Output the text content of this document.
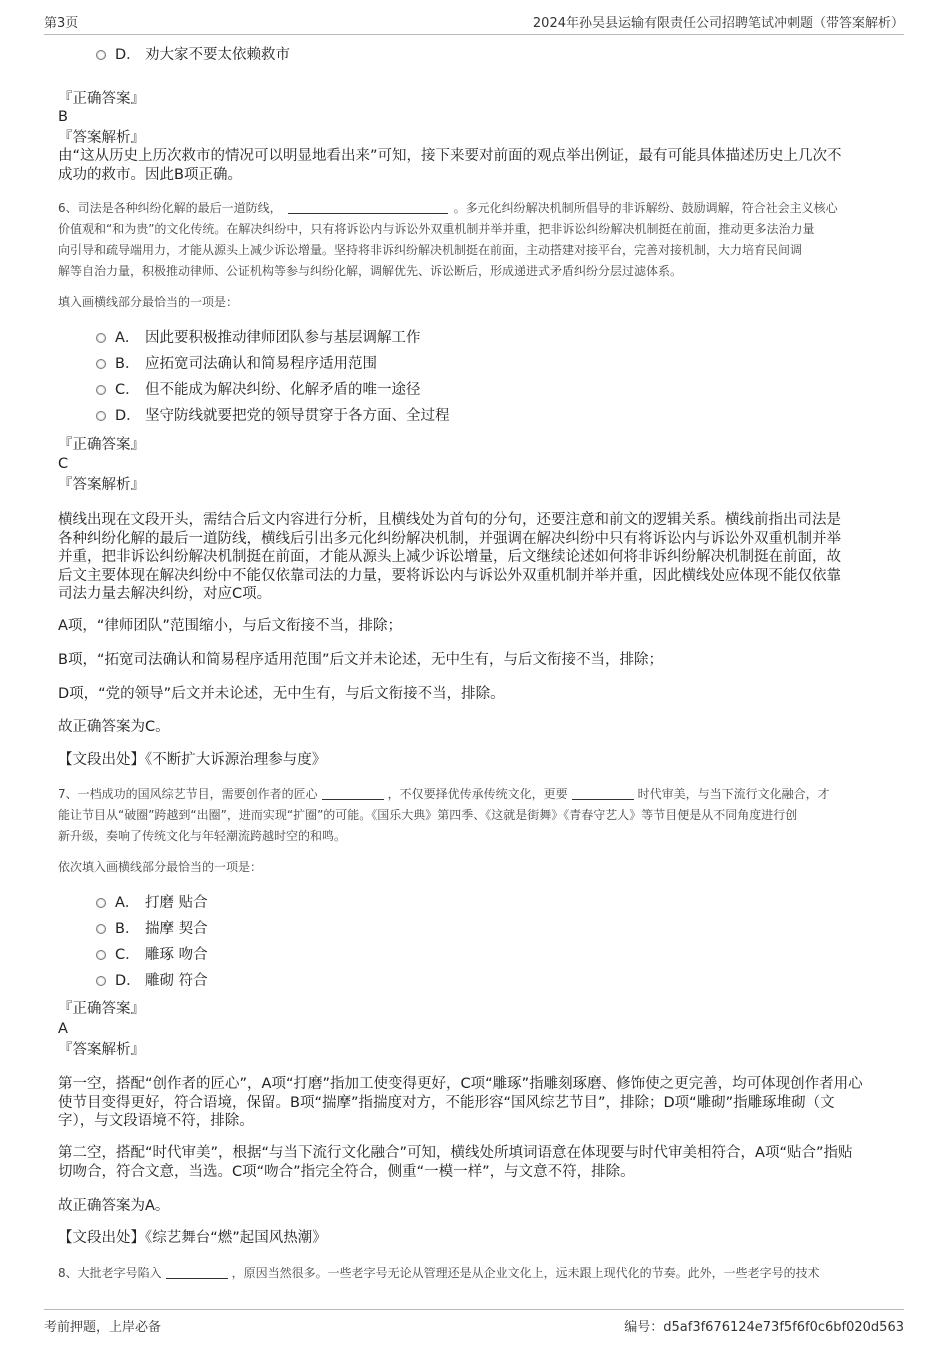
第3页	2024年孙吴县运输有限责任公司招聘笔试冲刺题（带答案解析）
D． 劝大家不要太依赖救市
『正确答案』
B
『答案解析』
由“这从历史上历次救市的情况可以明显地看出来”可知，接下来要对前面的观点举出例证，最有可能具体描述历史上几次不
成功的救市。因此B项正确。
6、司法是各种纠纷化解的最后一道防线，	。多元化纠纷解决机制所倡导的非诉解纷、鼓励调解，符合社会主义核心
价值观和“和为贵”的文化传统。在解决纠纷中，只有将诉讼内与诉讼外双重机制并举并重，把非诉讼纠纷解决机制挺在前面，推动更多法治力量
向引导和疏导端用力，才能从源头上减少诉讼增量。坚持将非诉纠纷解决机制挺在前面，主动搭建对接平台，完善对接机制，大力培育民间调
解等自治力量，积极推动律师、公证机构等参与纠纷化解，调解优先、诉讼断后，形成递进式矛盾纠纷分层过滤体系。
填入画横线部分最恰当的一项是：
A． 因此要积极推动律师团队参与基层调解工作
B． 应拓宽司法确认和简易程序适用范围
C． 但不能成为解决纠纷、化解矛盾的唯一途径
D． 坚守防线就要把党的领导贯穿于各方面、全过程
『正确答案』
C
『答案解析』
横线出现在文段开头，需结合后文内容进行分析，且横线处为首句的分句，还要注意和前文的逻辑关系。横线前指出司法是
各种纠纷化解的最后一道防线，横线后引出多元化纠纷解决机制，并强调在解决纠纷中只有将诉讼内与诉讼外双重机制并举
并重，把非诉讼纠纷解决机制挺在前面，才能从源头上减少诉讼增量，后文继续论述如何将非诉纠纷解决机制挺在前面，故
后文主要体现在解决纠纷中不能仅依靠司法的力量，要将诉讼内与诉讼外双重机制并举并重，因此横线处应体现不能仅依靠
司法力量去解决纠纷，对应C项。
A项，“律师团队”范围缩小，与后文衔接不当，排除；
B项，“拓宽司法确认和简易程序适用范围”后文并未论述，无中生有，与后文衔接不当，排除；
D项，“党的领导”后文并未论述，无中生有，与后文衔接不当，排除。
故正确答案为C。
【文段出处】《不断扩大诉源治理参与度》
7、一档成功的国风综艺节目，需要创作者的匠心	，不仅要择优传承传统文化，更要	时代审美，与当下流行文化融合，才
能让节目从“破圈”跨越到“出圈”，进而实现“扩圈”的可能。《国乐大典》第四季、《这就是街舞》《青春守艺人》等节目便是从不同角度进行创
新升级，奏响了传统文化与年轻潮流跨越时空的和鸣。
依次填入画横线部分最恰当的一项是：
A． 打磨 贴合
B． 揣摩 契合
C． 雕琢 吻合
D． 雕砌 符合
『正确答案』
A
『答案解析』
第一空，搭配“创作者的匠心”，A项“打磨”指加工使变得更好，C项“雕琢”指雕刻琢磨、修饰使之更完善，均可体现创作者用心
使节目变得更好，符合语境，保留。B项“揣摩”指揣度对方，不能形容“国风综艺节目”，排除；D项“雕砌”指雕琢堆砌（文
字），与文段语境不符，排除。
第二空，搭配“时代审美”，根据“与当下流行文化融合”可知，横线处所填词语意在体现要与时代审美相符合，A项“贴合”指贴
切吻合，符合文意，当选。C项“吻合”指完全符合，侧重“一模一样”，与文意不符，排除。
故正确答案为A。
【文段出处】《综艺舞台“燃”起国风热潮》
8、大批老字号陷入	，原因当然很多。一些老字号无论从管理还是从企业文化上，远未跟上现代化的节奏。此外，一些老字号的技术
考前押题，上岸必备	编号：d5af3f676124e73f5f6f0c6bf020d563
